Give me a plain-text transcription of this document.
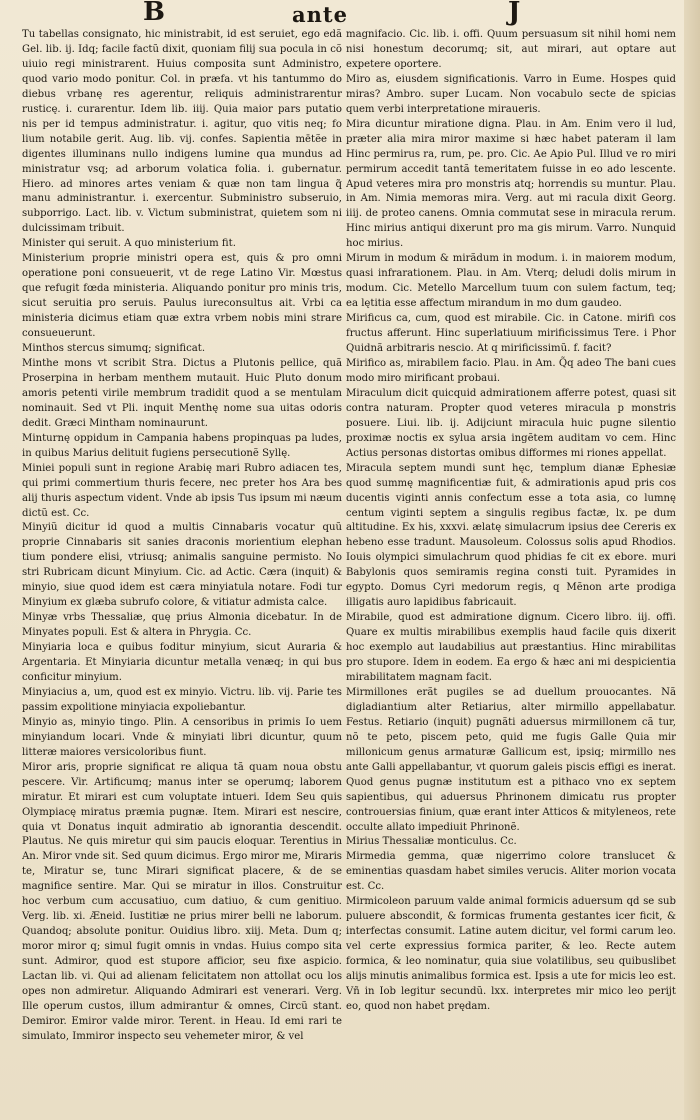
B	ante	J

Tu tabellas consignato, hic ministrabit, id est seruiet, ego edã Gel. lib. ij. Idq; facile factũ dixit, quoniam filij sua pocula in cõ uiuio regi ministrarent. Huius composita sunt Administro, quod vario modo ponitur. Col. in præfa. vt his tantummo do diebus vrbanę res agerentur, reliquis administrarentur rusticę. i. curarentur. Idem lib. iiij. Quia maior pars putatio nis per id tempus administratur. i. agitur, quo vitis neq; fo lium notabile gerit. Aug. lib. vij. confes. Sapientia mētẽe in digentes illuminans nullo indigens lumine qua mundus ad ministratur vsq; ad arborum volatica folia. i. gubernatur. Hiero. ad minores artes veniam & quæ non tam lingua q̃ manu administrantur. i. exercentur. Subministro subseruio, subporrigo. Lact. lib. v. Victum subministrat, quietem som ni dulcissimam tribuit.

Minister qui seruit. A quo ministerium fit.

Ministerium proprie ministri opera est, quis & pro omni operatione poni consueuerit, vt de rege Latino Vir. Mœstus que refugit fœda ministeria. Aliquando ponitur pro minis tris, sicut seruitia pro seruis. Paulus iureconsultus ait. Vrbi ca ministeria dicimus etiam quæ extra vrbem nobis mini strare consueuerunt.

Minthos stercus simumq; significat.

Minthe mons vt scribit Stra. Dictus a Plutonis pellice, quã Proserpina in herbam menthem mutauit. Huic Pluto donum amoris petenti virile membrum tradidit quod a se mentulam nominauit. Sed vt Pli. inquit Menthę nome sua uitas odoris dedit. Græci Mintham nominaurunt.

Minturnę oppidum in Campania habens propinquas pa ludes, in quibus Marius delituit fugiens persecutionẽ Syllę.

Miniei populi sunt in regione Arabię mari Rubro adiacen tes, qui primi commertium thuris fecere, nec preter hos Ara bes alij thuris aspectum vident. Vnde ab ipsis Tus ipsum mi næum dictũ est. Cc.

Minyiũ dicitur id quod a multis Cinnabaris vocatur quũ proprie Cinnabaris sit sanies draconis morientium elephan tium pondere elisi, vtriusq; animalis sanguine permisto. No stri Rubricam dicunt Minyium. Cic. ad Actic. Cæra (inquit) & minyio, siue quod idem est cæra minyiatula notare. Fodi tur Minyium ex glæba subrufo colore, & vitiatur admista calce.

Minyæ vrbs Thessaliæ, quę prius Almonia dicebatur. In de Minyates populi. Est & altera in Phrygia. Cc.

Minyiaria loca e quibus foditur minyium, sicut Auraria & Argentaria. Et Minyiaria dicuntur metalla venæq; in qui bus conficitur minyium.

Minyiacius a, um, quod est ex minyio. Victru. lib. vij. Parie tes passim expolitione minyiacia expoliebantur.

Minyio as, minyio tingo. Plin. A censoribus in primis Io uem minyiandum locari. Vnde & minyiati libri dicuntur, quum litteræ maiores versicoloribus fiunt.

Miror aris, proprie significat re aliqua tã quam noua obstu pescere. Vir. Artificumq; manus inter se operumq; laborem miratur. Et mirari est cum voluptate intueri. Idem Seu quis Olympiacę miratus præmia pugnæ. Item. Mirari est nescire, quia vt Donatus inquit admiratio ab ignorantia descendit. Plautus. Ne quis miretur qui sim paucis eloquar. Terentius in An. Miror vnde sit. Sed quum dicimus. Ergo miror me, Miraris te, Miratur se, tunc Mirari significat placere, & de se magnifice sentire. Mar. Qui se miratur in illos. Construitur hoc verbum cum accusatiuo, cum datiuo, & cum genitiuo. Verg. lib. xi. Æneid. Iustitiæ ne prius mirer belli ne laborum. Quandoq; absolute ponitur. Ouidius libro. xiij. Meta. Dum q; moror miror q; simul fugit omnis in vndas. Huius compo sita sunt. Admiror, quod est stupore afficior, seu fixe aspicio. Lactan lib. vi. Qui ad alienam felicitatem non attollat ocu los opes non admiretur. Aliquando Admirari est venerari. Verg. Ille operum custos, illum admirantur & omnes, Circũ stant. Demiror. Emiror valde miror. Terent. in Heau. Id emi rari te simulato, Immiror inspecto seu vehemeter miror, & vel

magnifacio. Cic. lib. i. offi. Quum persuasum sit nihil homi nem nisi honestum decorumq; sit, aut mirari, aut optare aut expetere oportere.

Miro as, eiusdem significationis. Varro in Eume. Hospes quid miras? Ambro. super Lucam. Non vocabulo secte de spicias quem verbi interpretatione miraueris.

Mira dicuntur miratione digna. Plau. in Am. Enim vero il lud, præter alia mira miror maxime si hæc habet pateram il lam Hinc permirus ra, rum, pe. pro. Cic. Ae Apio Pul. Illud ve ro miri permirum accedit tantã temeritatem fuisse in eo ado lescente. Apud veteres mira pro monstris atq; horrendis su muntur. Plau. in Am. Nimia memoras mira. Verg. aut mi racula dixit Georg. iiij. de proteo canens. Omnia commutat sese in miracula rerum. Hinc mirius antiqui dixerunt pro ma gis mirum. Varro. Nunquid hoc mirius.

Mirum in modum & mirãdum in modum. i. in maiorem modum, quasi infrarationem. Plau. in Am. Vterq; deludi dolis mirum in modum. Cic. Metello Marcellum tuum con sulem factum, teq; ea lętitia esse affectum mirandum in mo dum gaudeo.

Mirificus ca, cum, quod est mirabile. Cic. in Catone. mirifi cos fructus afferunt. Hinc superlatiuum mirificissimus Tere. i Phor Quidnã arbitraris nescio. At q mirificissimũ. f. facit?

Mirifico as, mirabilem facio. Plau. in Am. Q̃q adeo The bani cues modo miro mirificant probaui.

Miraculum dicit quicquid admirationem afferre potest, quasi sit contra naturam. Propter quod veteres miracula p monstris posuere. Liui. lib. ij. Adijciunt miracula huic pugne silentio proximæ noctis ex sylua arsia ingẽtem auditam vo cem. Hinc Actius personas distortas omibus difformes mi riones appellat.

Miracula septem mundi sunt hęc, templum dianæ Ephesiæ quod summę magnificentiæ fuit, & admirationis apud pris cos ducentis viginti annis confectum esse a tota asia, co lumnę centum viginti septem a singulis regibus factæ, lx. pe dum altitudine. Ex his, xxxvi. ælatę simulacrum ipsius dee Cereris ex hebeno esse tradunt. Mausoleum. Colossus solis apud Rhodios. Iouis olympici simulachrum quod phidias fe cit ex ebore. muri Babylonis quos semiramis regina consti tuit. Pyramides in egypto. Domus Cyri medorum regis, q Mẽnon arte prodiga illigatis auro lapidibus fabricauit.

Mirabile, quod est admiratione dignum. Cicero libro. iij. offi. Quare ex multis mirabilibus exemplis haud facile quis dixerit hoc exemplo aut laudabilius aut præstantius. Hinc mirabilitas pro stupore. Idem in eodem. Ea ergo & hæc ani mi despicientia mirabilitatem magnam facit.

Mirmillones erãt pugiles se ad duellum prouocantes. Nã digladiantium alter Retiarius, alter mirmillo appellabatur. Festus. Retiario (inquit) pugnãti aduersus mirmillonem cã tur, nõ te peto, piscem peto, quid me fugis Galle Quia mir millonicum genus armaturæ Gallicum est, ipsiq; mirmillo nes ante Galli appellabantur, vt quorum galeis piscis effigi es inerat. Quod genus pugnæ institutum est a pithaco vno ex septem sapientibus, qui aduersus Phrinonem dimicatu rus propter controuersias finium, quæ erant inter Atticos & mityleneos, rete occulte allato impediuit Phrinonẽ.

Mirius Thessaliæ monticulus. Cc.

Mirmedia gemma, quæ nigerrimo colore translucet & eminentias quasdam habet similes verucis. Aliter morion vocata est. Cc.

Mirmicoleon paruum valde animal formicis aduersum qd se sub puluere abscondit, & formicas frumenta gestantes icer ficit, & interfectas consumit. Latine autem dicitur, vel formi carum leo. vel certe expressius formica pariter, & leo. Recte autem formica, & leo nominatur, quia siue volatilibus, seu quibuslibet alijs minutis animalibus formica est. Ipsis a ute for micis leo est. Vñ in Iob legitur secundũ. lxx. interpretes mir mico leo perijt eo, quod non habet prędam.
